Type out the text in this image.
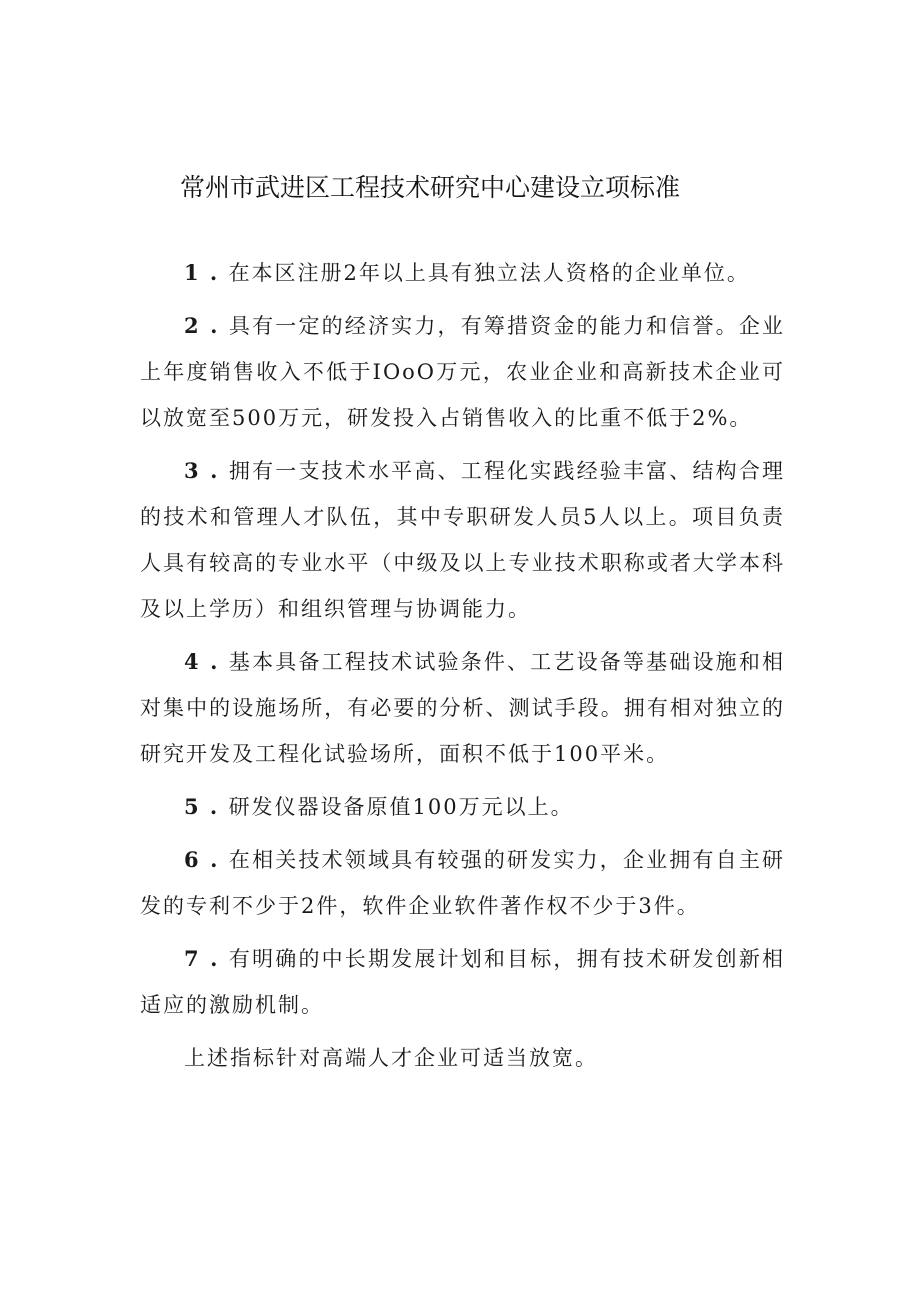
常州市武进区工程技术研究中心建设立项标准

1 . 在本区注册2年以上具有独立法人资格的企业单位。

2 . 具有一定的经济实力，有筹措资金的能力和信誉。企业上年度销售收入不低于IOoO万元，农业企业和高新技术企业可以放宽至500万元，研发投入占销售收入的比重不低于2%。

3 . 拥有一支技术水平高、工程化实践经验丰富、结构合理的技术和管理人才队伍，其中专职研发人员5人以上。项目负责人具有较高的专业水平（中级及以上专业技术职称或者大学本科及以上学历）和组织管理与协调能力。

4 . 基本具备工程技术试验条件、工艺设备等基础设施和相对集中的设施场所，有必要的分析、测试手段。拥有相对独立的研究开发及工程化试验场所，面积不低于100平米。

5 . 研发仪器设备原值100万元以上。

6 . 在相关技术领域具有较强的研发实力，企业拥有自主研发的专利不少于2件，软件企业软件著作权不少于3件。

7 . 有明确的中长期发展计划和目标，拥有技术研发创新相适应的激励机制。

上述指标针对高端人才企业可适当放宽。
